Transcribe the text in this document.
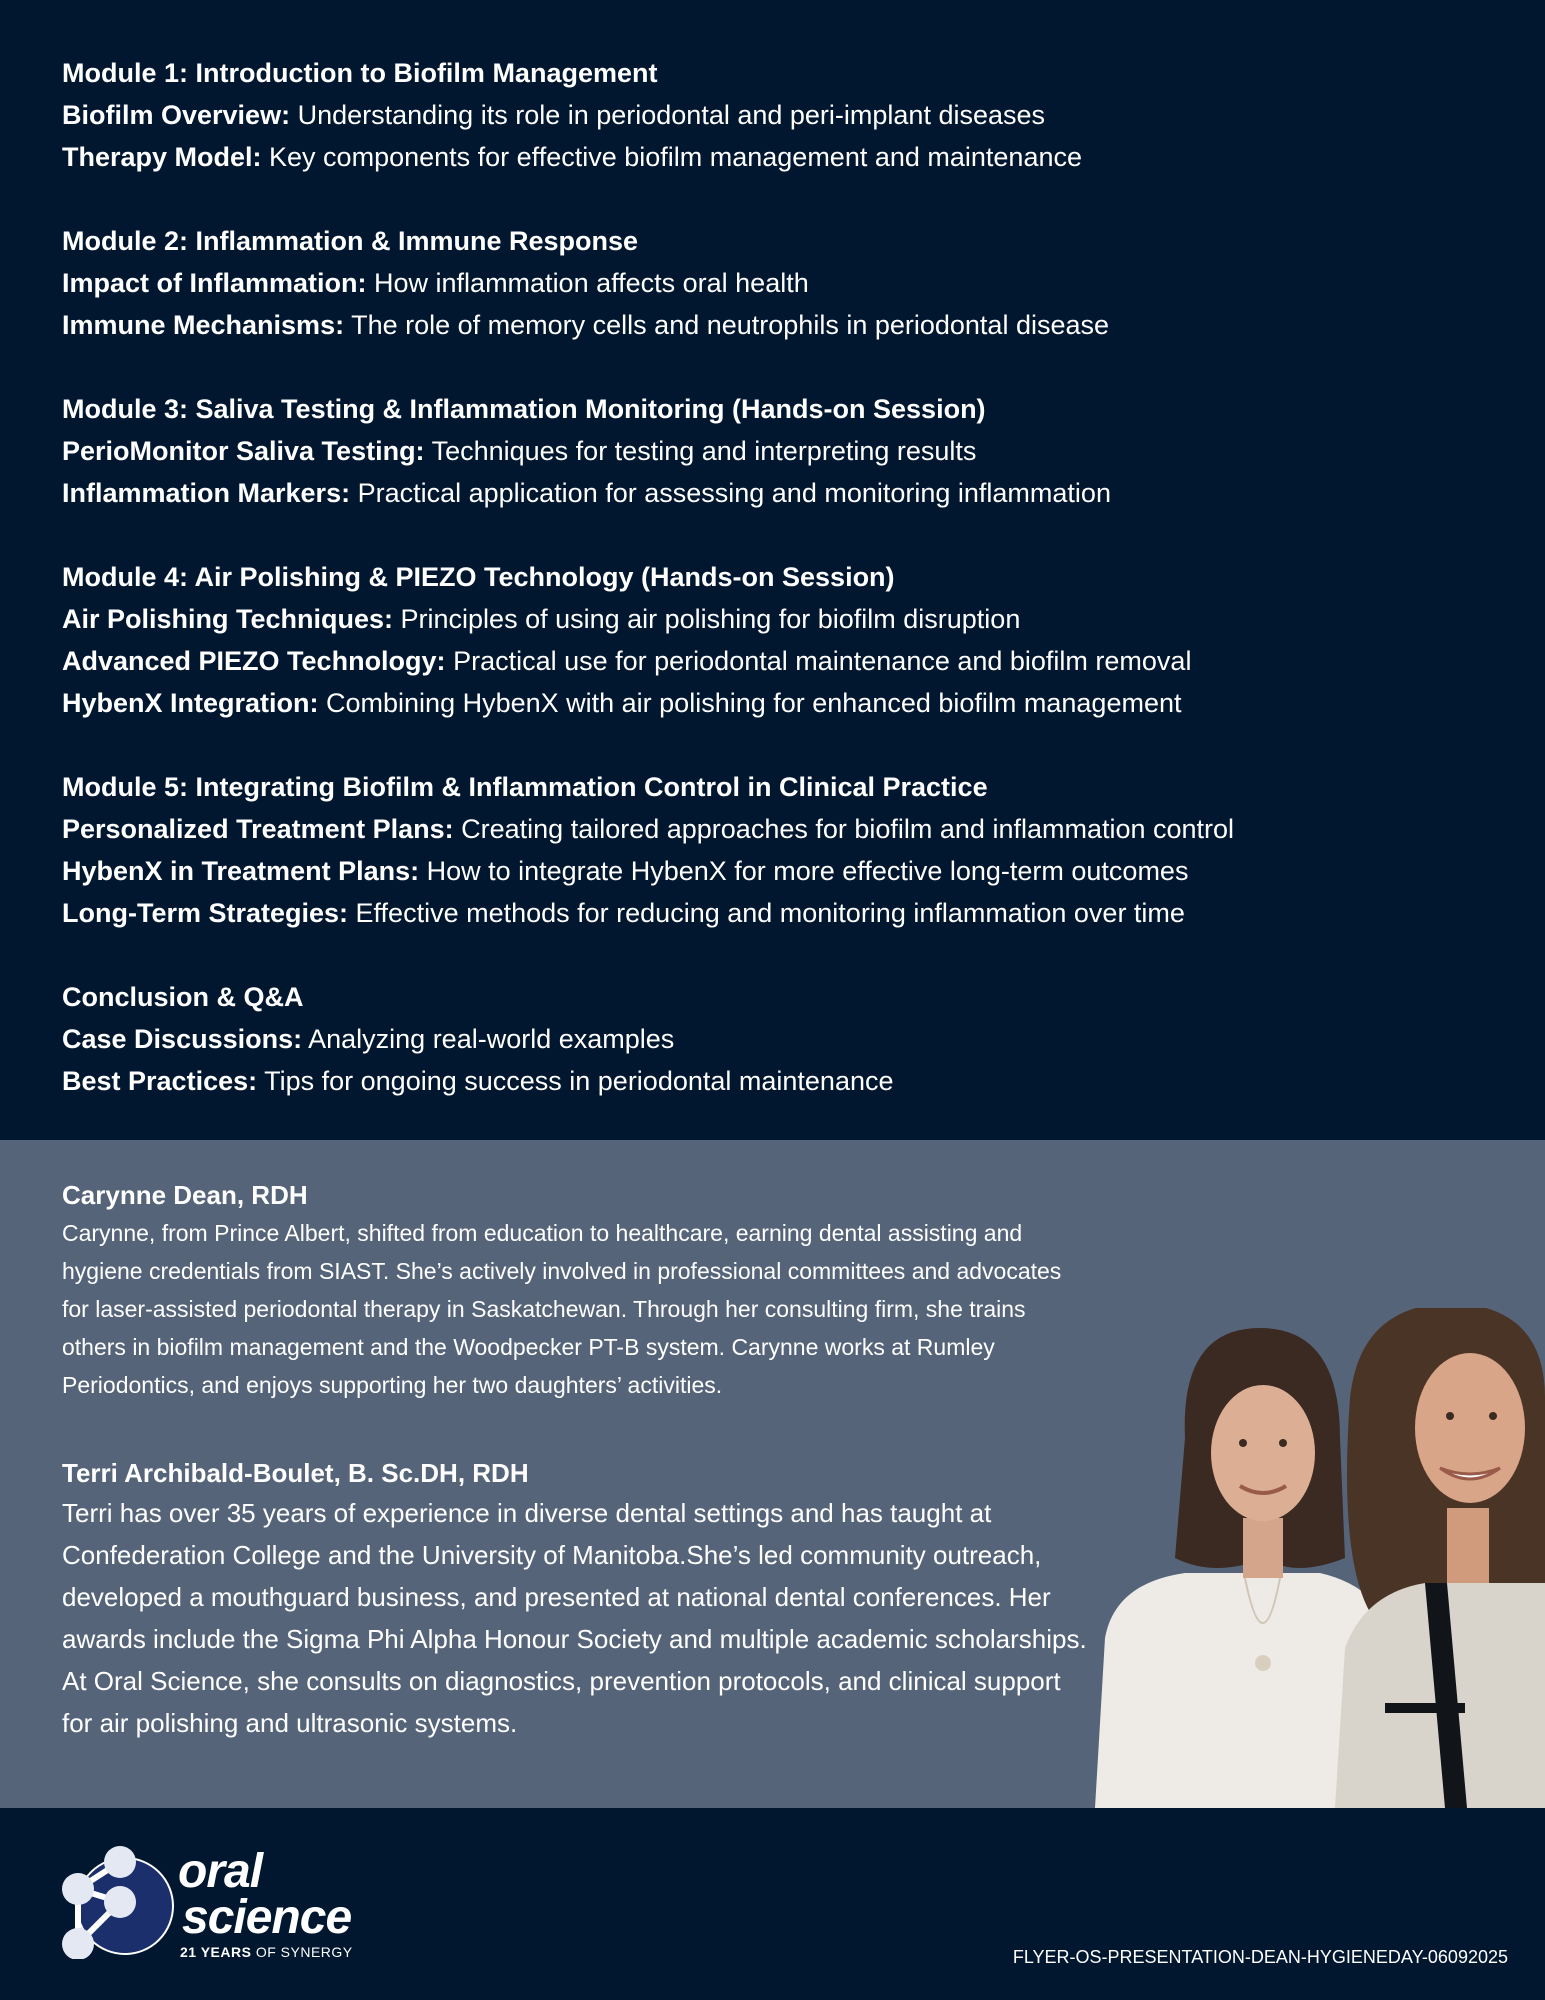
Module 1: Introduction to Biofilm Management
Biofilm Overview: Understanding its role in periodontal and peri-implant diseases
Therapy Model: Key components for effective biofilm management and maintenance
Module 2: Inflammation & Immune Response
Impact of Inflammation: How inflammation affects oral health
Immune Mechanisms: The role of memory cells and neutrophils in periodontal disease
Module 3: Saliva Testing & Inflammation Monitoring (Hands-on Session)
PerioMonitor Saliva Testing: Techniques for testing and interpreting results
Inflammation Markers: Practical application for assessing and monitoring inflammation
Module 4: Air Polishing & PIEZO Technology (Hands-on Session)
Air Polishing Techniques: Principles of using air polishing for biofilm disruption
Advanced PIEZO Technology: Practical use for periodontal maintenance and biofilm removal
HybenX Integration: Combining HybenX with air polishing for enhanced biofilm management
Module 5: Integrating Biofilm & Inflammation Control in Clinical Practice
Personalized Treatment Plans: Creating tailored approaches for biofilm and inflammation control
HybenX in Treatment Plans: How to integrate HybenX for more effective long-term outcomes
Long-Term Strategies: Effective methods for reducing and monitoring inflammation over time
Conclusion & Q&A
Case Discussions: Analyzing real-world examples
Best Practices: Tips for ongoing success in periodontal maintenance
Carynne Dean, RDH

Carynne, from Prince Albert, shifted from education to healthcare, earning dental assisting and hygiene credentials from SIAST. She’s actively involved in professional committees and advocates for laser-assisted periodontal therapy in Saskatchewan. Through her consulting firm, she trains others in biofilm management and the Woodpecker PT-B system. Carynne works at Rumley Periodontics, and enjoys supporting her two daughters’ activities.

Terri Archibald-Boulet, B. Sc.DH, RDH

Terri has over 35 years of experience in diverse dental settings and has taught at Confederation College and the University of Manitoba.She’s led community outreach, developed a mouthguard business, and presented at national dental conferences. Her awards include the Sigma Phi Alpha Honour Society and multiple academic scholarships. At Oral Science, she consults on diagnostics, prevention protocols, and clinical support for air polishing and ultrasonic systems.

oral
science
21 YEARS OF SYNERGY	FLYER-OS-PRESENTATION-DEAN-HYGIENEDAY-06092025
